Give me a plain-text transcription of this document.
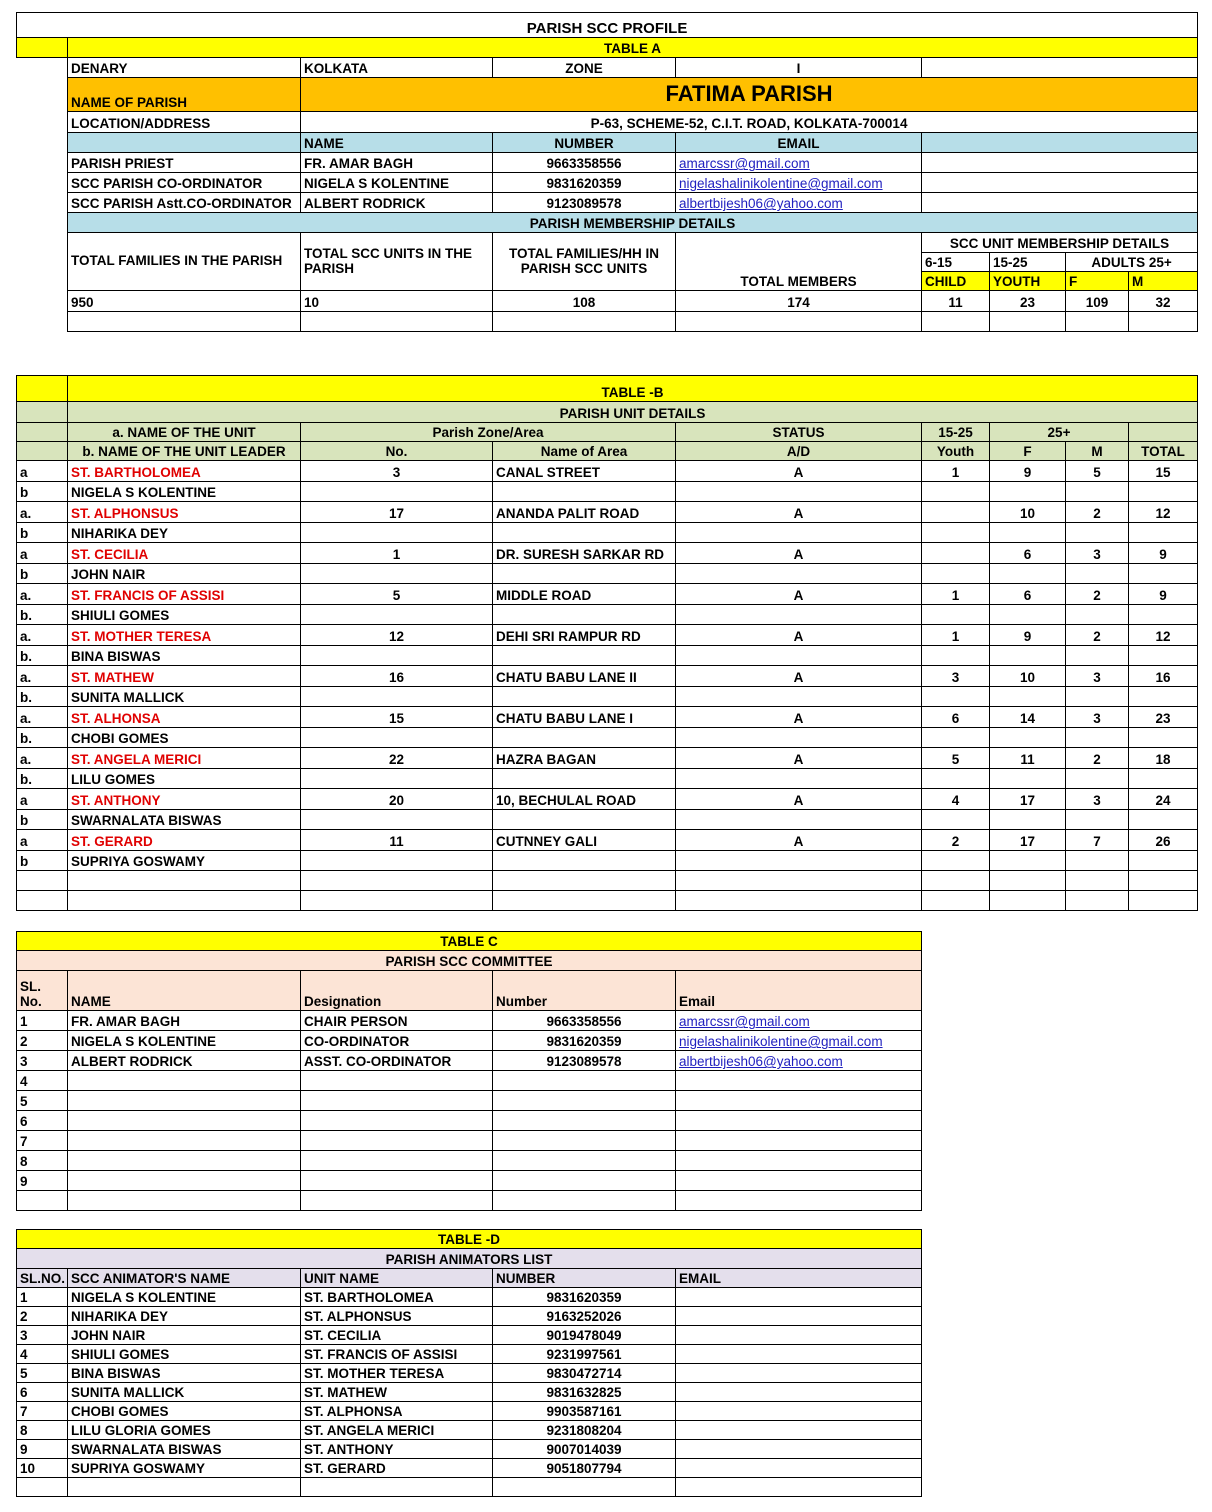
PARISH SCC PROFILE								
	TABLE A							
	DENARY	KOLKATA	ZONE	I				
	NAME OF PARISH	FATIMA PARISH						
	LOCATION/ADDRESS	P-63, SCHEME-52, C.I.T. ROAD, KOLKATA-700014						
		NAME	NUMBER	EMAIL				
	PARISH PRIEST	FR. AMAR BAGH	9663358556	amarcssr@gmail.com				
	SCC PARISH CO-ORDINATOR	NIGELA S KOLENTINE	9831620359	nigelashalinikolentine@gmail.com				
	SCC PARISH Astt.CO-ORDINATOR	ALBERT RODRICK	9123089578	albertbijesh06@yahoo.com				
	PARISH MEMBERSHIP DETAILS							
	TOTAL FAMILIES IN THE PARISH	TOTAL SCC UNITS IN THE PARISH	TOTAL FAMILIES/HH IN PARISH SCC UNITS	TOTAL MEMBERS	SCC UNIT MEMBERSHIP DETAILS			
					6-15	15-25	ADULTS 25+	
					CHILD	YOUTH	F	M
	950	10	108	174	11	23	109	32

	TABLE -B							
	PARISH UNIT DETAILS							
	a. NAME OF THE UNIT	Parish Zone/Area		STATUS	15-25	25+		
	b. NAME OF THE UNIT LEADER	No.	Name of Area	A/D	Youth	F	M	TOTAL
a	ST. BARTHOLOMEA	3	CANAL STREET	A	1	9	5	15
b	NIGELA S KOLENTINE							
a.	ST. ALPHONSUS	17	ANANDA PALIT ROAD	A		10	2	12
b	NIHARIKA DEY							
a	ST. CECILIA	1	DR. SURESH SARKAR RD	A		6	3	9
b	JOHN NAIR							
a.	ST. FRANCIS OF ASSISI	5	MIDDLE ROAD	A	1	6	2	9
b.	SHIULI GOMES							
a.	ST. MOTHER TERESA	12	DEHI SRI RAMPUR RD	A	1	9	2	12
b.	BINA BISWAS							
a.	ST. MATHEW	16	CHATU BABU LANE II	A	3	10	3	16
b.	SUNITA MALLICK							
a.	ST. ALHONSA	15	CHATU BABU LANE I	A	6	14	3	23
b.	CHOBI GOMES							
a.	ST. ANGELA MERICI	22	HAZRA BAGAN	A	5	11	2	18
b.	LILU GOMES							
a	ST. ANTHONY	20	10, BECHULAL ROAD	A	4	17	3	24
b	SWARNALATA BISWAS							
a	ST. GERARD	11	CUTNNEY GALI	A	2	17	7	26
b	SUPRIYA GOSWAMY							

TABLE C				
PARISH SCC COMMITTEE				

SL.
No.	NAME	Designation	Number	Email
1	FR. AMAR BAGH	CHAIR PERSON	9663358556	amarcssr@gmail.com
2	NIGELA S KOLENTINE	CO-ORDINATOR	9831620359	nigelashalinikolentine@gmail.com
3	ALBERT RODRICK	ASST. CO-ORDINATOR	9123089578	albertbijesh06@yahoo.com
4				
5				
6				
7				
8				
9				

TABLE -D				
PARISH ANIMATORS LIST				
SL.NO.	SCC ANIMATOR'S NAME	UNIT NAME	NUMBER	EMAIL
1	NIGELA S KOLENTINE	ST. BARTHOLOMEA	9831620359	
2	NIHARIKA DEY	ST. ALPHONSUS	9163252026	
3	JOHN NAIR	ST. CECILIA	9019478049	
4	SHIULI GOMES	ST. FRANCIS OF ASSISI	9231997561	
5	BINA BISWAS	ST. MOTHER TERESA	9830472714	
6	SUNITA MALLICK	ST. MATHEW	9831632825	
7	CHOBI GOMES	ST. ALPHONSA	9903587161	
8	LILU GLORIA GOMES	ST. ANGELA MERICI	9231808204	
9	SWARNALATA BISWAS	ST. ANTHONY	9007014039	
10	SUPRIYA GOSWAMY	ST. GERARD	9051807794	
